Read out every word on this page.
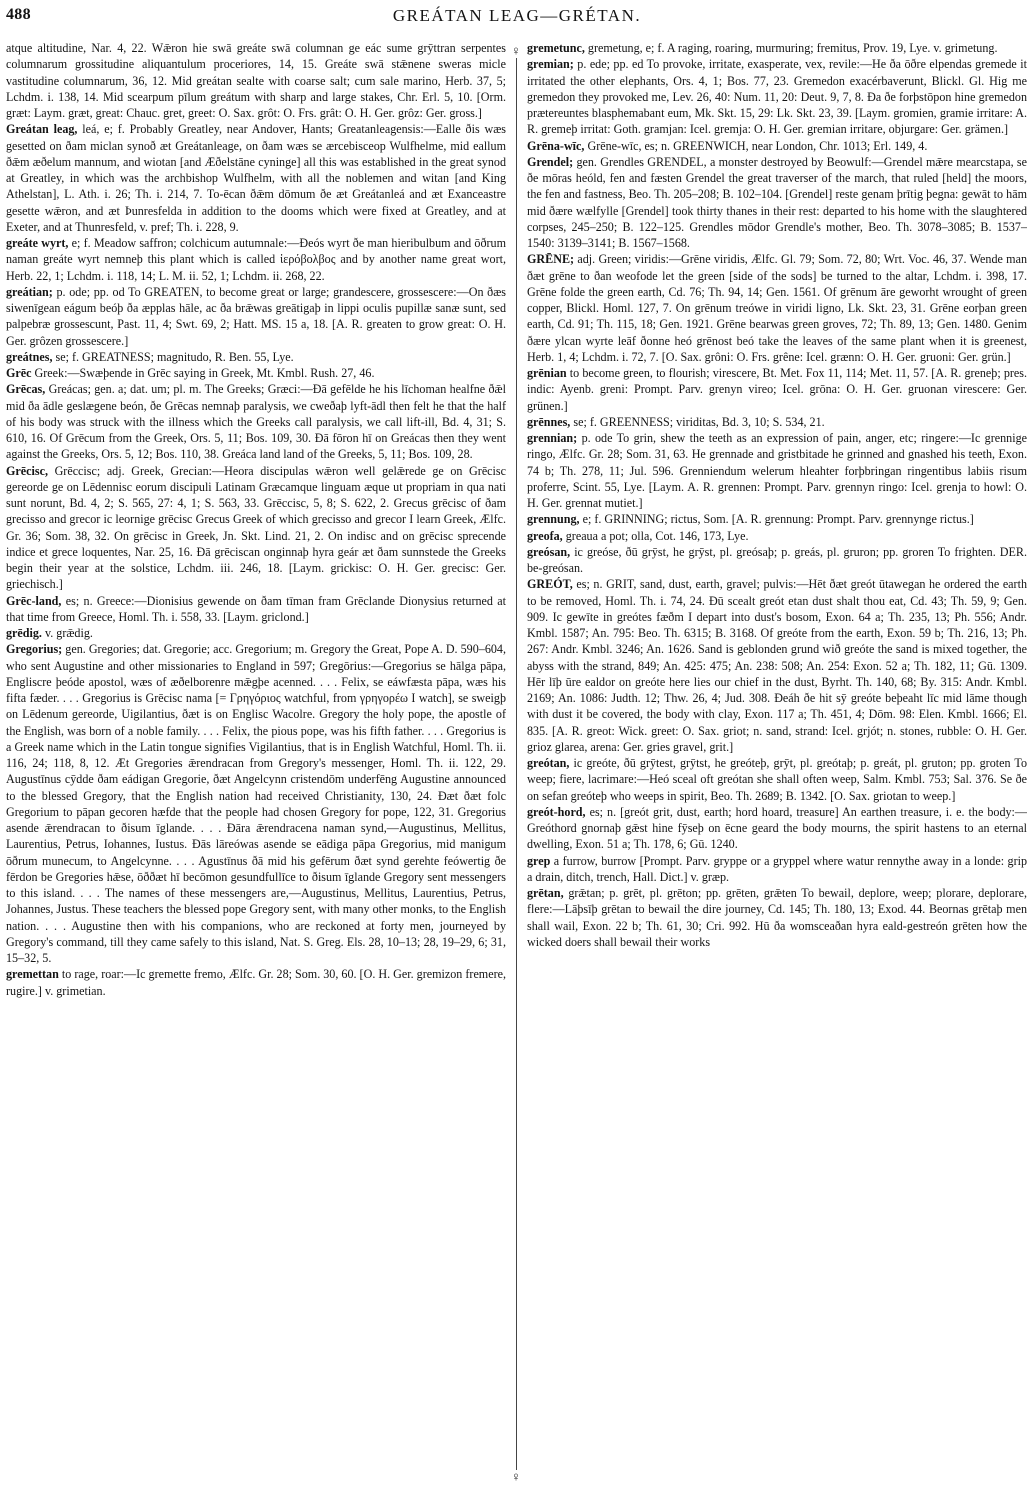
488	GREÁTAN LEAG—GRÉTAN.

atque altitudine, Nar. 4, 22. Wǣron hie swā greáte swā columnan ge eác sume grȳttran serpentes columnarum grossitudine aliquantulum proceriores, 14, 15. Greáte swā stǣnene sweras micle vastitudine columnarum, 36, 12. Mid greátan sealte with coarse salt; cum sale marino, Herb. 37, 5; Lchdm. i. 138, 14. Mid scearpum pīlum greátum with sharp and large stakes, Chr. Erl. 5, 10. [Orm. græt: Laym. græt, great: Chauc. gret, greet: O. Sax. grôt: O. Frs. grât: O. H. Ger. grôz: Ger. gross.]

Greátan leag, leá, e; f. Probably Greatley, near Andover, Hants; Greatanleagensis:—Ealle ðis wæs gesetted on ðam miclan synoð æt Greátanleage, on ðam wæs se ærcebisceop Wulfhelme, mid eallum ðǣm æðelum mannum, and wiotan [and Æðelstāne cyninge] all this was established in the great synod at Greatley, in which was the archbishop Wulfhelm, with all the noblemen and witan [and King Athelstan], L. Ath. i. 26; Th. i. 214, 7. To-ēcan ðǣm dōmum ðe æt Greátanleá and æt Exanceastre gesette wǣron, and æt Þunresfelda in addition to the dooms which were fixed at Greatley, and at Exeter, and at Thunresfeld, v. pref; Th. i. 228, 9.

greáte wyrt, e; f. Meadow saffron; colchicum autumnale:—Ðeós wyrt ðe man hieribulbum and ōðrum naman greáte wyrt nemneþ this plant which is called ἱερόβολβος and by another name great wort, Herb. 22, 1; Lchdm. i. 118, 14; L. M. ii. 52, 1; Lchdm. ii. 268, 22.

greátian; p. ode; pp. od To GREATEN, to become great or large; grandescere, grossescere:—On ðæs siwenīgean eágum beóþ ða æpplas hāle, ac ða brǣwas greātigaþ in lippi oculis pupillæ sanæ sunt, sed palpebræ grossescunt, Past. 11, 4; Swt. 69, 2; Hatt. MS. 15 a, 18. [A. R. greaten to grow great: O. H. Ger. grôzen grossescere.]

greátnes, se; f. GREATNESS; magnitudo, R. Ben. 55, Lye.

Grēc Greek:—Swæþende in Grēc saying in Greek, Mt. Kmbl. Rush. 27, 46.

Grēcas, Greácas; gen. a; dat. um; pl. m. The Greeks; Græci:—Ðā gefēlde he his līchoman healfne ðǣl mid ða ādle geslægene beón, ðe Grēcas nemnaþ paralysis, we cweðaþ lyft-ādl then felt he that the half of his body was struck with the illness which the Greeks call paralysis, we call lift-ill, Bd. 4, 31; S. 610, 16. Of Grēcum from the Greek, Ors. 5, 11; Bos. 109, 30. Ðā fōron hī on Greácas then they went against the Greeks, Ors. 5, 12; Bos. 110, 38. Greáca land land of the Greeks, 5, 11; Bos. 109, 28.

Grēcisc, Grēccisc; adj. Greek, Grecian:—Heora discipulas wǣron well gelǣrede ge on Grēcisc gereorde ge on Lēdennisc eorum discipuli Latinam Græcamque linguam æque ut propriam in qua nati sunt norunt, Bd. 4, 2; S. 565, 27: 4, 1; S. 563, 33. Grēccisc, 5, 8; S. 622, 2. Grecus grēcisc of ðam grecisso and grecor ic leornige grēcisc Grecus Greek of which grecisso and grecor I learn Greek, Ælfc. Gr. 36; Som. 38, 32. On grēcisc in Greek, Jn. Skt. Lind. 21, 2. On indisc and on grēcisc sprecende indice et grece loquentes, Nar. 25, 16. Ðā grēciscan onginnaþ hyra geár æt ðam sunnstede the Greeks begin their year at the solstice, Lchdm. iii. 246, 18. [Laym. grickisc: O. H. Ger. grecisc: Ger. griechisch.]

Grēc-land, es; n. Greece:—Dionisius gewende on ðam tīman fram Grēclande Dionysius returned at that time from Greece, Homl. Th. i. 558, 33. [Laym. griclond.]

grēdig. v. grǣdig.

Gregorius; gen. Gregories; dat. Gregorie; acc. Gregorium; m. Gregory the Great, Pope A. D. 590–604, who sent Augustine and other missionaries to England in 597; Gregōrius:—Gregorius se hālga pāpa, Engliscre þeóde apostol, wæs of æðelborenre mǣgþe acenned. . . . Felix, se eáwfæsta pāpa, wæs his fifta fæder. . . . Gregorius is Grēcisc nama [= Γρηγόριος watchful, from γρηγορέω I watch], se sweigþ on Lēdenum gereorde, Uigilantius, ðæt is on Englisc Wacolre. Gregory the holy pope, the apostle of the English, was born of a noble family. . . . Felix, the pious pope, was his fifth father. . . . Gregorius is a Greek name which in the Latin tongue signifies Vigilantius, that is in English Watchful, Homl. Th. ii. 116, 24; 118, 8, 12. Æt Gregories ǣrendracan from Gregory's messenger, Homl. Th. ii. 122, 29. Augustīnus cȳdde ðam eádigan Gregorie, ðæt Angelcynn cristendōm underfēng Augustine announced to the blessed Gregory, that the English nation had received Christianity, 130, 24. Ðæt ðæt folc Gregorium to pāpan gecoren hæfde that the people had chosen Gregory for pope, 122, 31. Gregorius asende ǣrendracan to ðisum īglande. . . . Ðāra ǣrendracena naman synd,—Augustinus, Mellitus, Laurentius, Petrus, Iohannes, Iustus. Ðās lāreówas asende se eādiga pāpa Gregorius, mid manigum ōðrum munecum, to Angelcynne. . . . Agustīnus ðā mid his gefērum ðæt synd gerehte feówertig ðe fērdon be Gregories hǣse, ōððæt hī becōmon gesundfullīce to ðisum īglande Gregory sent messengers to this island. . . . The names of these messengers are,—Augustinus, Mellitus, Laurentius, Petrus, Johannes, Justus. These teachers the blessed pope Gregory sent, with many other monks, to the English nation. . . . Augustine then with his companions, who are reckoned at forty men, journeyed by Gregory's command, till they came safely to this island, Nat. S. Greg. Els. 28, 10–13; 28, 19–29, 6; 31, 15–32, 5.

gremettan to rage, roar:—Ic gremette fremo, Ælfc. Gr. 28; Som. 30, 60. [O. H. Ger. gremizon fremere, rugire.] v. grimetian.

♀
♀

gremetunc, gremetung, e; f. A raging, roaring, murmuring; fremitus, Prov. 19, Lye. v. grimetung.

gremian; p. ede; pp. ed To provoke, irritate, exasperate, vex, revile:—He ða ōðre elpendas gremede it irritated the other elephants, Ors. 4, 1; Bos. 77, 23. Gremedon exacérbaverunt, Blickl. Gl. Hig me gremedon they provoked me, Lev. 26, 40: Num. 11, 20: Deut. 9, 7, 8. Ða ðe forþstōpon hine gremedon prætereuntes blasphemabant eum, Mk. Skt. 15, 29: Lk. Skt. 23, 39. [Laym. gromien, gramie irritare: A. R. gremeþ irritat: Goth. gramjan: Icel. gremja: O. H. Ger. gremian irritare, objurgare: Ger. grämen.]

Grēna-wīc, Grēne-wīc, es; n. GREENWICH, near London, Chr. 1013; Erl. 149, 4.

Grendel; gen. Grendles GRENDEL, a monster destroyed by Beowulf:—Grendel mǣre mearcstapa, se ðe mōras heóld, fen and fæsten Grendel the great traverser of the march, that ruled [held] the moors, the fen and fastness, Beo. Th. 205–208; B. 102–104. [Grendel] reste genam þrītig þegna: gewāt to hām mid ðære wælfylle [Grendel] took thirty thanes in their rest: departed to his home with the slaughtered corpses, 245–250; B. 122–125. Grendles mōdor Grendle's mother, Beo. Th. 3078–3085; B. 1537–1540: 3139–3141; B. 1567–1568.

GRĒNE; adj. Green; viridis:—Grēne viridis, Ælfc. Gl. 79; Som. 72, 80; Wrt. Voc. 46, 37. Wende man ðæt grēne to ðan weofode let the green [side of the sods] be turned to the altar, Lchdm. i. 398, 17. Grēne folde the green earth, Cd. 76; Th. 94, 14; Gen. 1561. Of grēnum āre geworht wrought of green copper, Blickl. Homl. 127, 7. On grēnum treówe in viridi ligno, Lk. Skt. 23, 31. Grēne eorþan green earth, Cd. 91; Th. 115, 18; Gen. 1921. Grēne bearwas green groves, 72; Th. 89, 13; Gen. 1480. Genim ðære ylcan wyrte leāf ðonne heó grēnost beó take the leaves of the same plant when it is greenest, Herb. 1, 4; Lchdm. i. 72, 7. [O. Sax. grôni: O. Frs. grêne: Icel. grænn: O. H. Ger. gruoni: Ger. grün.]

grēnian to become green, to flourish; virescere, Bt. Met. Fox 11, 114; Met. 11, 57. [A. R. greneþ; pres. indic: Ayenb. greni: Prompt. Parv. grenyn vireo; Icel. grōna: O. H. Ger. gruonan virescere: Ger. grünen.]

grēnnes, se; f. GREENNESS; viriditas, Bd. 3, 10; S. 534, 21.

grennian; p. ode To grin, shew the teeth as an expression of pain, anger, etc; ringere:—Ic grennige ringo, Ælfc. Gr. 28; Som. 31, 63. He grennade and gristbitade he grinned and gnashed his teeth, Exon. 74 b; Th. 278, 11; Jul. 596. Grenniendum welerum hleahter forþbringan ringentibus labiis risum proferre, Scint. 55, Lye. [Laym. A. R. grennen: Prompt. Parv. grennyn ringo: Icel. grenja to howl: O. H. Ger. grennat mutiet.]

grennung, e; f. GRINNING; rictus, Som. [A. R. grennung: Prompt. Parv. grennynge rictus.]

greofa, greaua a pot; olla, Cot. 146, 173, Lye.

greósan, ic greóse, ðū grȳst, he grȳst, pl. greósaþ; p. greás, pl. gruron; pp. groren To frighten. DER. be-greósan.

GREÓT, es; n. GRIT, sand, dust, earth, gravel; pulvis:—Hēt ðæt greót ūtawegan he ordered the earth to be removed, Homl. Th. i. 74, 24. Ðū scealt greót etan dust shalt thou eat, Cd. 43; Th. 59, 9; Gen. 909. Ic gewīte in greótes fæðm I depart into dust's bosom, Exon. 64 a; Th. 235, 13; Ph. 556; Andr. Kmbl. 1587; An. 795: Beo. Th. 6315; B. 3168. Of greóte from the earth, Exon. 59 b; Th. 216, 13; Ph. 267: Andr. Kmbl. 3246; An. 1626. Sand is geblonden grund wið greóte the sand is mixed together, the abyss with the strand, 849; An. 425: 475; An. 238: 508; An. 254: Exon. 52 a; Th. 182, 11; Gū. 1309. Hēr līþ ūre ealdor on greóte here lies our chief in the dust, Byrht. Th. 140, 68; By. 315: Andr. Kmbl. 2169; An. 1086: Judth. 12; Thw. 26, 4; Jud. 308. Ðeáh ðe hit sȳ greóte beþeaht līc mid lāme though with dust it be covered, the body with clay, Exon. 117 a; Th. 451, 4; Dōm. 98: Elen. Kmbl. 1666; El. 835. [A. R. greot: Wick. greet: O. Sax. griot; n. sand, strand: Icel. grjót; n. stones, rubble: O. H. Ger. grioz glarea, arena: Ger. gries gravel, grit.]

greótan, ic greóte, ðū grȳtest, grȳtst, he greóteþ, grȳt, pl. greótaþ; p. greát, pl. gruton; pp. groten To weep; fiere, lacrimare:—Heó sceal oft greótan she shall often weep, Salm. Kmbl. 753; Sal. 376. Se ðe on sefan greóteþ who weeps in spirit, Beo. Th. 2689; B. 1342. [O. Sax. griotan to weep.]

greót-hord, es; n. [greót grit, dust, earth; hord hoard, treasure] An earthen treasure, i. e. the body:—Greóthord gnornaþ gǣst hine fȳseþ on ēcne geard the body mourns, the spirit hastens to an eternal dwelling, Exon. 51 a; Th. 178, 6; Gū. 1240.

grep a furrow, burrow [Prompt. Parv. gryppe or a gryppel where watur rennythe away in a londe: grip a drain, ditch, trench, Hall. Dict.] v. græp.

grētan, grǣtan; p. grēt, pl. grēton; pp. grēten, grǣten To bewail, deplore, weep; plorare, deplorare, flere:—Lāþsīþ grētan to bewail the dire journey, Cd. 145; Th. 180, 13; Exod. 44. Beornas grētaþ men shall wail, Exon. 22 b; Th. 61, 30; Cri. 992. Hū ða womsceaðan hyra eald-gestreón grēten how the wicked doers shall bewail their works
